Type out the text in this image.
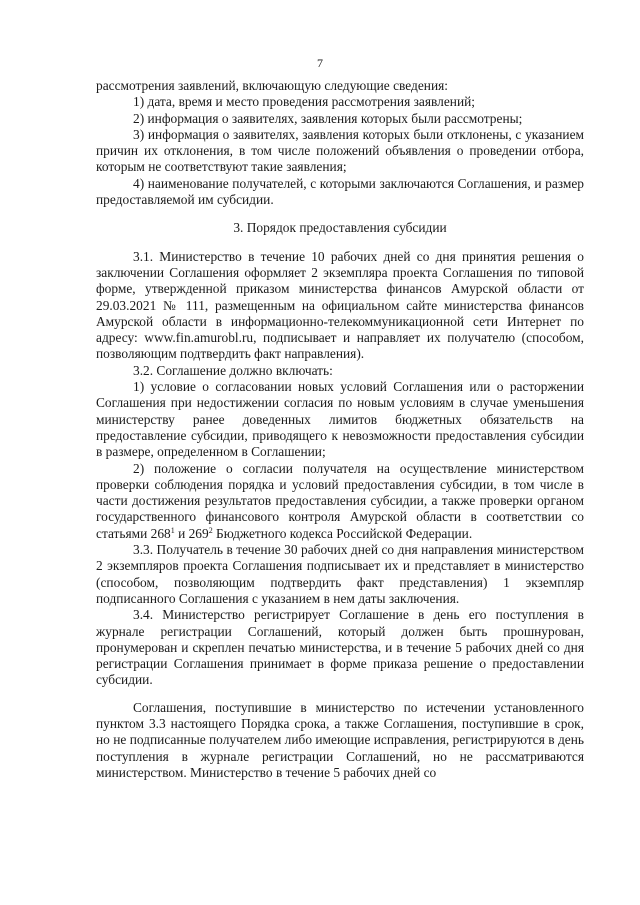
7

рассмотрения заявлений, включающую следующие сведения:

1) дата, время и место проведения рассмотрения заявлений;

2) информация о заявителях, заявления которых были рассмотрены;

3) информация о заявителях, заявления которых были отклонены, с указанием причин их отклонения, в том числе положений объявления о проведении отбора, которым не соответствуют такие заявления;

4) наименование получателей, с которыми заключаются Соглашения, и размер предоставляемой им субсидии.

3. Порядок предоставления субсидии

3.1. Министерство в течение 10 рабочих дней со дня принятия решения о заключении Соглашения оформляет 2 экземпляра проекта Соглашения по типовой форме, утвержденной приказом министерства финансов Амурской области от 29.03.2021 № 111, размещенным на официальном сайте министерства финансов Амурской области в информационно-телекоммуникационной сети Интернет по адресу: www.fin.amurobl.ru, подписывает и направляет их получателю (способом, позволяющим подтвердить факт направления).

3.2. Соглашение должно включать:

1) условие о согласовании новых условий Соглашения или о расторжении Соглашения при недостижении согласия по новым условиям в случае уменьшения министерству ранее доведенных лимитов бюджетных обязательств на предоставление субсидии, приводящего к невозможности предоставления субсидии в размере, определенном в Соглашении;

2) положение о согласии получателя на осуществление министерством проверки соблюдения порядка и условий предоставления субсидии, в том числе в части достижения результатов предоставления субсидии, а также проверки органом государственного финансового контроля Амурской области в соответствии со статьями $268^1$ и $269^2$ Бюджетного кодекса Российской Федерации.

3.3. Получатель в течение 30 рабочих дней со дня направления министерством 2 экземпляров проекта Соглашения подписывает их и представляет в министерство (способом, позволяющим подтвердить факт представления) 1 экземпляр подписанного Соглашения с указанием в нем даты заключения.

3.4. Министерство регистрирует Соглашение в день его поступления в журнале регистрации Соглашений, который должен быть прошнурован, пронумерован и скреплен печатью министерства, и в течение 5 рабочих дней со дня регистрации Соглашения принимает в форме приказа решение о предоставлении субсидии.

Соглашения, поступившие в министерство по истечении установленного пунктом 3.3 настоящего Порядка срока, а также Соглашения, поступившие в срок, но не подписанные получателем либо имеющие исправления, регистрируются в день поступления в журнале регистрации Соглашений, но не рассматриваются министерством. Министерство в течение 5 рабочих дней со
